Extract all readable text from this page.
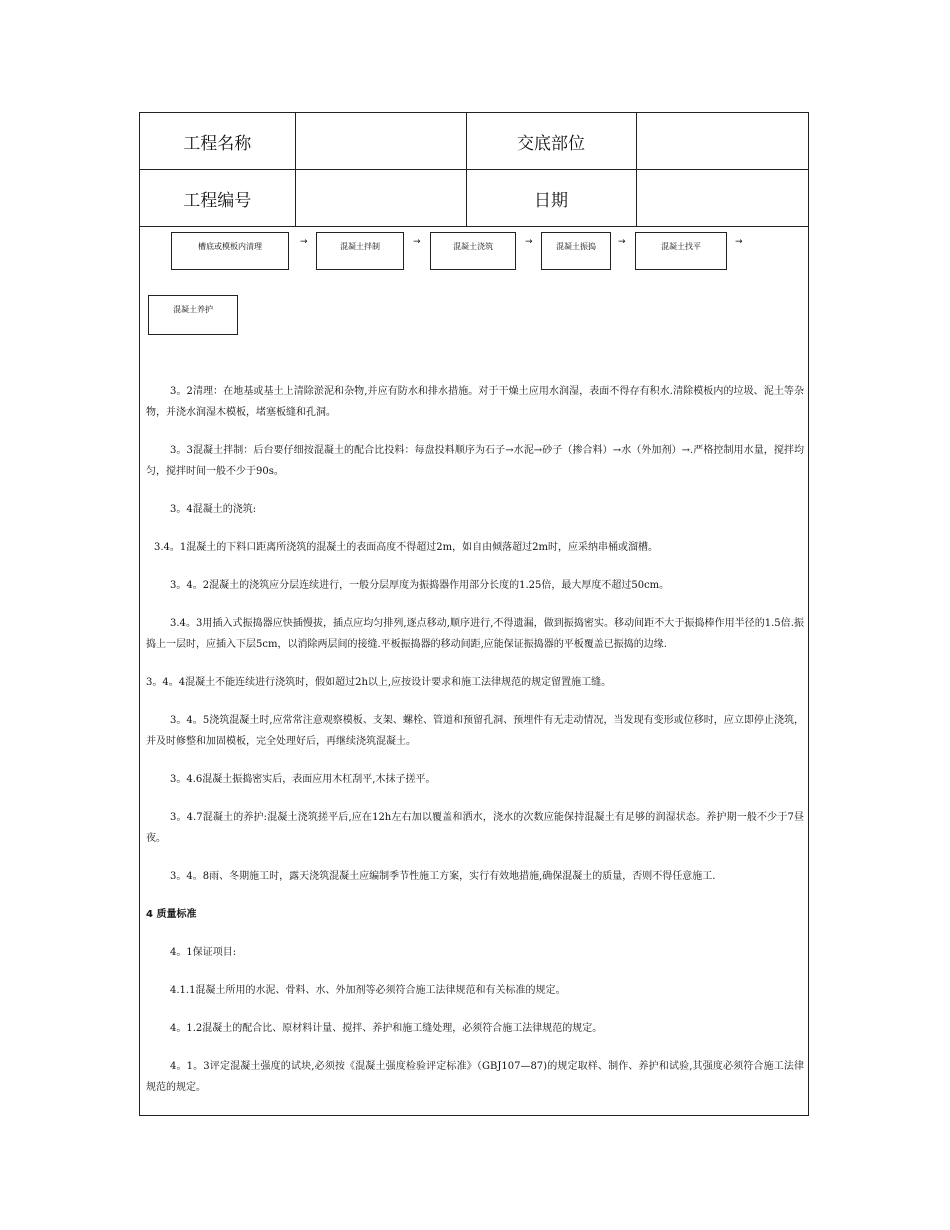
工程名称		交底部位	
工程编号		日期	
槽底或模板内清理	→	混凝土拌制	→	混凝土浇筑	→	混凝土振捣	→	混凝土找平	→
混凝土养护

3。2清理：在地基或基土上清除淤泥和杂物,并应有防水和排水措施。对于干燥土应用水润湿，表面不得存有积水.清除模板内的垃圾、泥土等杂物，并浇水润湿木模板，堵塞板缝和孔洞。

3。3混凝土拌制：后台要仔细按混凝土的配合比投料：每盘投料顺序为石子→水泥→砂子（掺合料）→水（外加剂）→.严格控制用水量，搅拌均匀，搅拌时间一般不少于90s。

3。4混凝土的浇筑:

3.4。1混凝土的下料口距离所浇筑的混凝土的表面高度不得超过2m，如自由倾落超过2m时，应采纳串桶或溜槽。

3。4。2混凝土的浇筑应分层连续进行，一般分层厚度为振捣器作用部分长度的1.25倍，最大厚度不超过50cm。

3.4。3用插入式振捣器应快插慢拔，插点应均匀排列,逐点移动,顺序进行,不得遗漏，做到振捣密实。移动间距不大于振捣棒作用半径的1.5倍.振捣上一层时，应插入下层5cm，以消除两层间的接缝.平板振捣器的移动间距,应能保证振捣器的平板覆盖已振捣的边缘.

3。4。4混凝土不能连续进行浇筑时，假如超过2h以上,应按设计要求和施工法律规范的规定留置施工缝。

3。4。5浇筑混凝土时,应常常注意观察模板、支架、螺栓、管道和预留孔洞、预埋件有无走动情况，当发现有变形或位移时，应立即停止浇筑，并及时修整和加固模板，完全处理好后，再继续浇筑混凝土。

3。4.6混凝土振捣密实后，表面应用木杠刮平,木抹子搓平。

3。4.7混凝土的养护:混凝土浇筑搓平后,应在12h左右加以覆盖和洒水，浇水的次数应能保持混凝土有足够的润湿状态。养护期一般不少于7昼夜。

3。4。8雨、冬期施工时，露天浇筑混凝土应编制季节性施工方案，实行有效地措施,确保混凝土的质量，否则不得任意施工.

4 质量标准

4。1保证项目:

4.1.1混凝土所用的水泥、骨料、水、外加剂等必须符合施工法律规范和有关标准的规定。

4。1.2混凝土的配合比、原材料计量、搅拌、养护和施工缝处理，必须符合施工法律规范的规定。

4。1。3评定混凝土强度的试块,必须按《混凝土强度检验评定标准》（GBJ107—87)的规定取样、制作、养护和试验,其强度必须符合施工法律规范的规定。
